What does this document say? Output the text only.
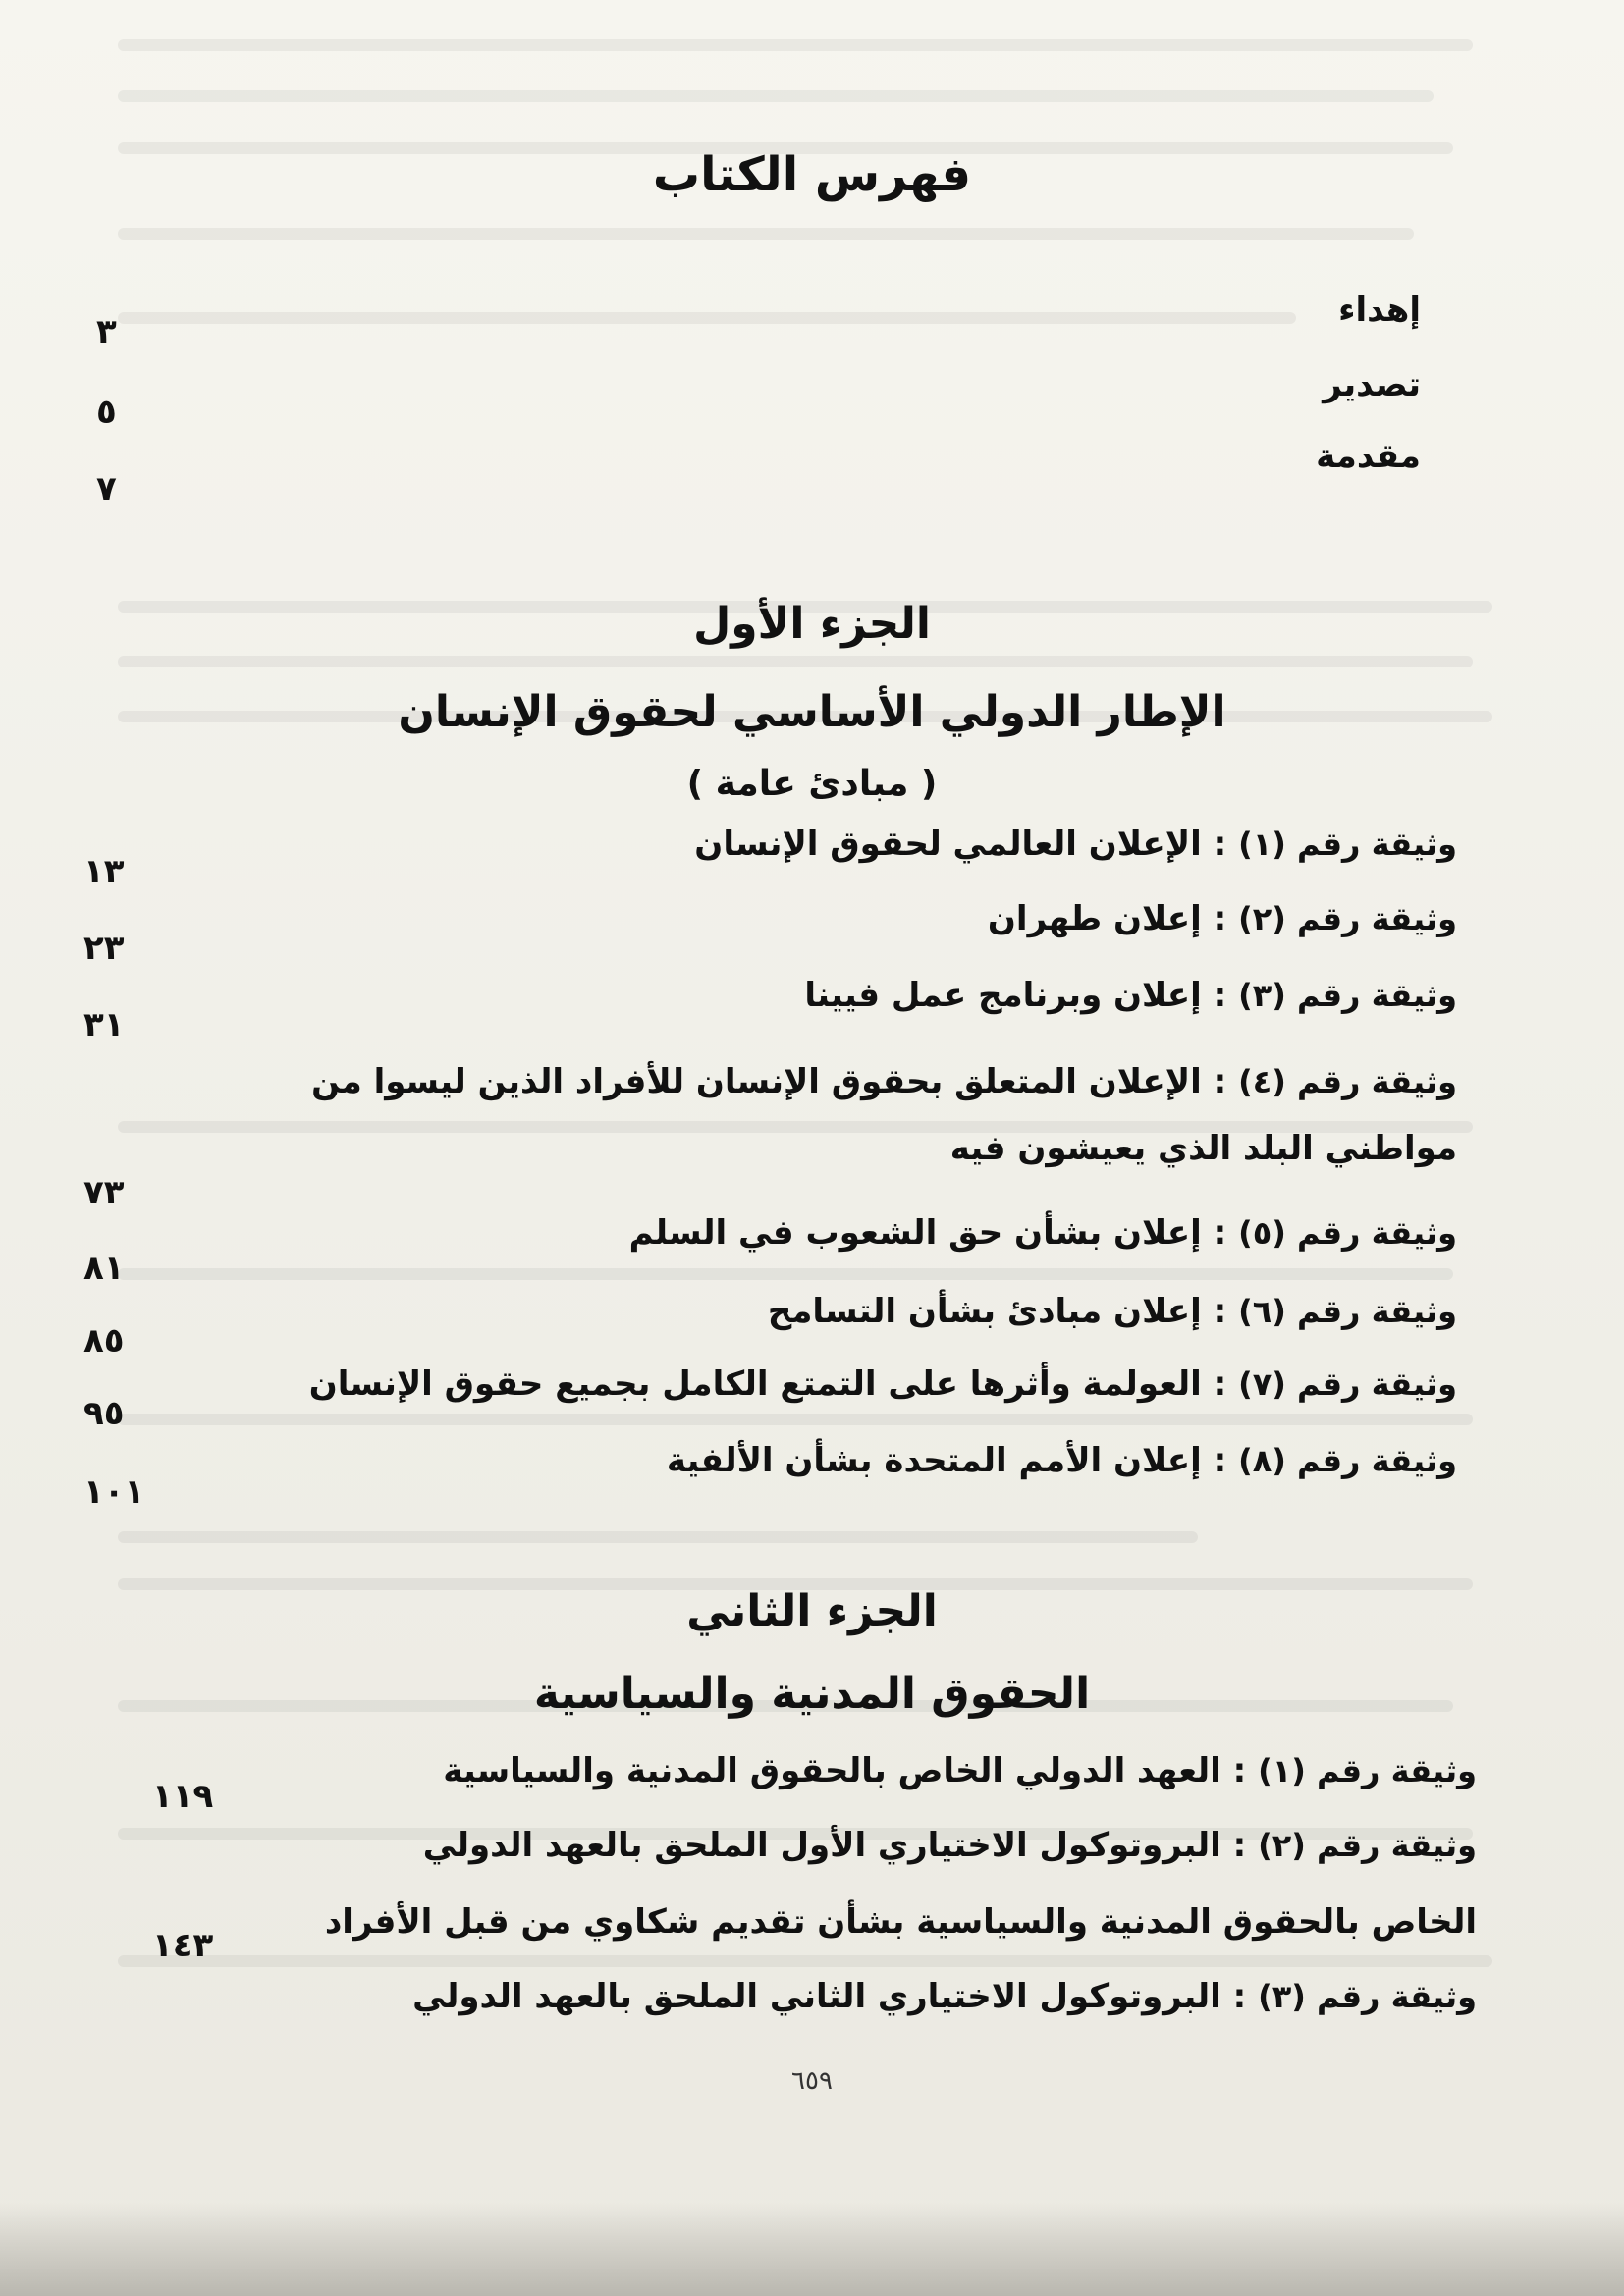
فهرس الكتاب
إهداء
٣
تصدير
٥
مقدمة
٧
الجزء الأول
الإطار الدولي الأساسي لحقوق الإنسان
( مبادئ عامة )
وثيقة رقم (١) : الإعلان العالمي لحقوق الإنسان
١٣
وثيقة رقم (٢) : إعلان طهران
٢٣
وثيقة رقم (٣) : إعلان وبرنامج عمل فيينا
٣١
وثيقة رقم (٤) : الإعلان المتعلق بحقوق الإنسان للأفراد الذين ليسوا من
مواطني البلد الذي يعيشون فيه
٧٣
وثيقة رقم (٥) : إعلان بشأن حق الشعوب في السلم
٨١
وثيقة رقم (٦) : إعلان مبادئ بشأن التسامح
٨٥
وثيقة رقم (٧) : العولمة وأثرها على التمتع الكامل بجميع حقوق الإنسان
٩٥
وثيقة رقم (٨) : إعلان الأمم المتحدة بشأن الألفية
١٠١
الجزء الثاني
الحقوق المدنية والسياسية
وثيقة رقم (١) : العهد الدولي الخاص بالحقوق المدنية والسياسية
١١٩
وثيقة رقم (٢) : البروتوكول الاختياري الأول الملحق بالعهد الدولي
الخاص بالحقوق المدنية والسياسية بشأن تقديم شكاوي من قبل الأفراد
١٤٣
وثيقة رقم (٣) : البروتوكول الاختياري الثاني الملحق بالعهد الدولي
٦٥٩
